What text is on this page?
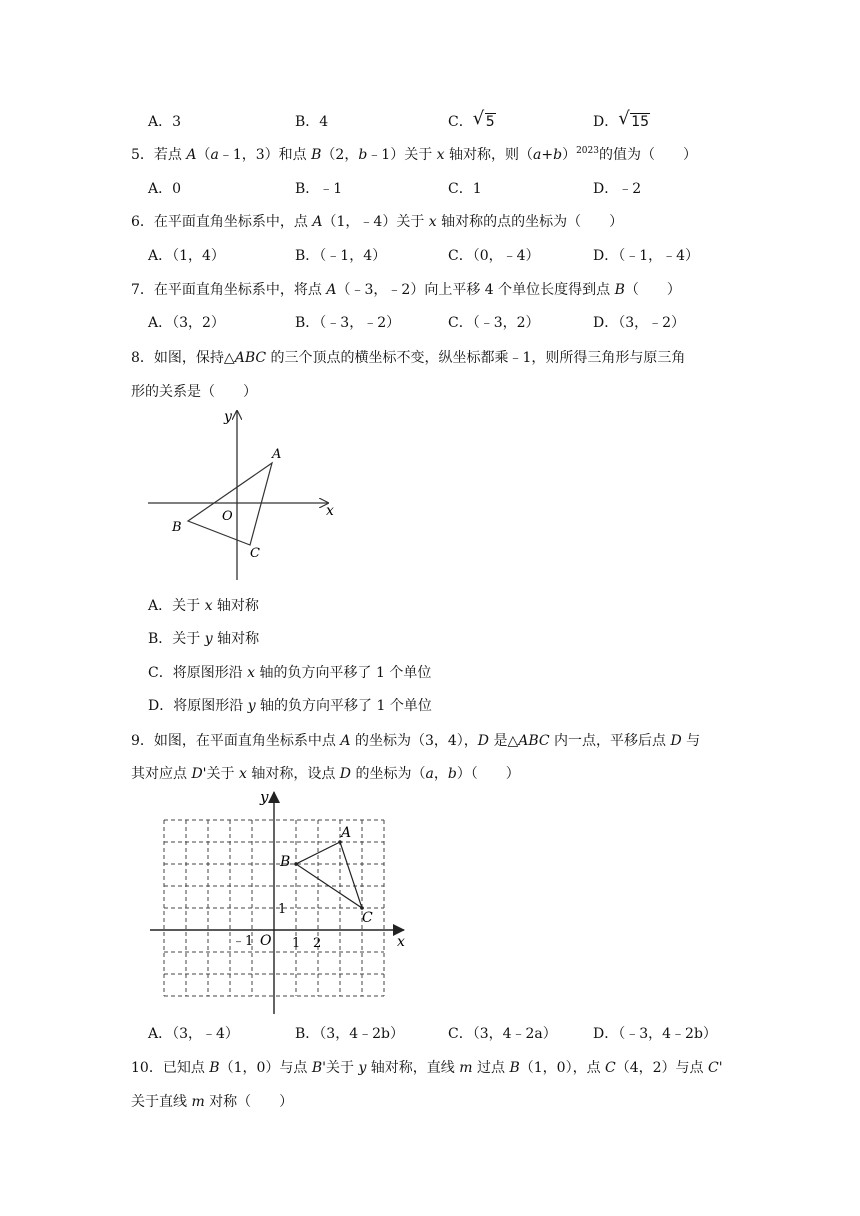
A．3	B．4	C． √ 5	D． √ 15
5．若点 A（a﹣1，3）和点 B（2，b﹣1）关于 x 轴对称，则$(a+b)^{2023}$的值为（　　）
A．0	B．﹣1	C．1	D．﹣2
6．在平面直角坐标系中，点 A（1，﹣4）关于 x 轴对称的点的坐标为（　　）
A．（1，4）	B．（﹣1，4）	C．（0，﹣4）	D．（﹣1，﹣4）
7．在平面直角坐标系中，将点 A（﹣3，﹣2）向上平移 4 个单位长度得到点 B（　　）
A．（3，2）	B．（﹣3，﹣2）	C．（﹣3，2）	D．（3，﹣2）
8．如图，保持△ABC 的三个顶点的横坐标不变，纵坐标都乘﹣1，则所得三角形与原三角
形的关系是（　　）
y
x
O
A
B
C
A．关于 x 轴对称
B．关于 y 轴对称
C．将原图形沿 x 轴的负方向平移了 1 个单位
D．将原图形沿 y 轴的负方向平移了 1 个单位
9．如图，在平面直角坐标系中点 A 的坐标为（3，4），D 是△ABC 内一点，平移后点 D 与
其对应点 D'关于 x 轴对称，设点 D 的坐标为（a，b）（　　）
y
x
O
A
B
C
﹣1	1 2
1
A．（3，﹣4）	B．（3，4﹣2b）	C．（3，4﹣2a）	D．（﹣3，4﹣2b）
10．已知点 B（1，0）与点 B'关于 y 轴对称，直线 m 过点 B（1，0），点 C（4，2）与点 C'
关于直线 m 对称（　　）
